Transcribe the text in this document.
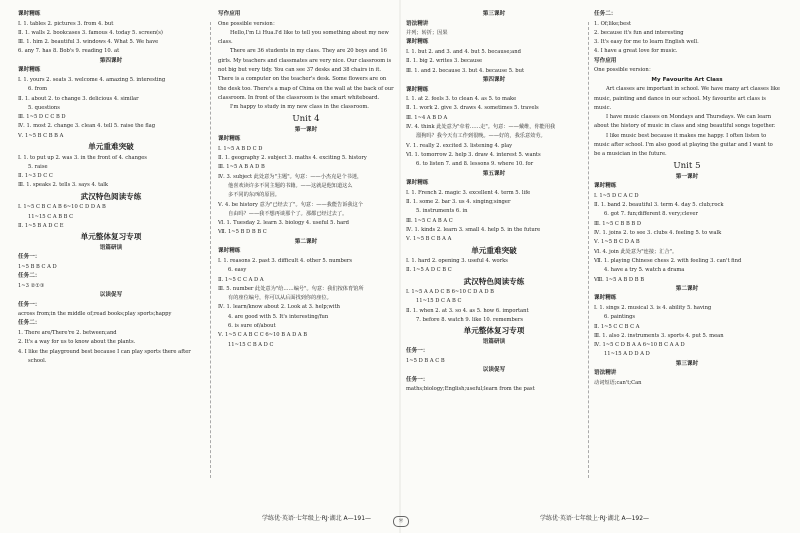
课时精练
Ⅰ. 1. tables 2. pictures 3. from 4. but
Ⅱ. 1. walls 2. bookcases 3. famous 4. today 5. screen(s)
Ⅲ. 1. him 2. beautiful 3. windows 4. What 5. We have
6. any 7. has 8. Bob's 9. reading 10. at
第四课时
课时精练
Ⅰ. 1. yours 2. seats 3. welcome 4. amazing 5. interesting
6. from
Ⅱ. 1. about 2. to change 3. delicious 4. similar
5. questions
Ⅲ. 1~5 D C C B D
Ⅳ. 1. most 2. change 3. clean 4. tell 5. raise the flag
Ⅴ. 1~5 B C B B A
单元重难突破
Ⅰ. 1. to put up 2. was 3. in the front of 4. changes
5. raise
Ⅱ. 1~3 D C C
Ⅲ. 1. speaks 2. tells 3. says 4. talk
武汉特色阅读专练
Ⅰ. 1~5 C B C A B 6~10 C D D A B
11~15 C A B B C
Ⅱ. 1~5 B A D C E
单元整体复习专项
语篇研读
任务一：
1~5 B B C A D
任务二：
1~3 ②①③
以读促写
任务一：
across from;in the middle of;read books;play sports;happy
任务二：
1. There are/There're 2. between;and
2. It's a way for us to know about the plants.
4. I like the playground best because I can play sports there after
school.
写作应用
One possible version：
Hello,I'm Li Hua.I'd like to tell you something about my new class.
There are 36 students in my class. They are 20 boys and 16 girls. My teachers and classmates are very nice. Our classroom is not big but very tidy. You can see 37 desks and 38 chairs in it. There is a computer on the teacher's desk. Some flowers are on the desk too. There's a map of China on the wall at the back of our classroom. In front of the classroom is the smart whiteboard.
I'm happy to study in my new class in the classroom.
Unit 4
第一课时
课时精练
Ⅰ. 1~5 A B D C D
Ⅱ. 1. geography 2. subject 3. maths 4. exciting 5. history
Ⅲ. 1~5 A B A D B
Ⅳ. 3. subject 此处意为"主题"。句意：——小杰克是个书迷，
他喜欢读许多不同主题的书籍。——这就是他知道这么
多不同的东西的原因。
Ⅴ. 4. be history 意为"已经去了"。句意：——我能告诉我这个
自由吗？——我不想再谈那个了。那都已经过去了。
Ⅵ. 1. Tuesday 2. learn 3. biology 4. useful 5. hard
Ⅶ. 1~5 B D B B C
第二课时
课时精练
Ⅰ. 1. reasons 2. past 3. difficult 4. other 5. numbers
6. easy
Ⅱ. 1~5 C C A D A
Ⅲ. 5. number 此处意为"给……编号"。句意：我们按体育馆所
有的座位编号，你可以从后面找到你的座位。
Ⅳ. 1. learn/know about 2. Look at 3. help;with
4. are good with 5. It's interesting/fun
6. is sure of/about
Ⅴ. 1~5 C A B C C 6~10 B A D A B
11~15 C B A D C
第三课时
语法精讲
并列；转折；因果
课时精练
Ⅰ. 1. but 2. and 3. and 4. but 5. because;and
Ⅱ. 1. big 2. writes 3. because
Ⅲ. 1. and 2. because 3. but 4. because 5. but
第四课时
课时精练
Ⅰ. 1. at 2. feels 3. to clean 4. as 5. to make
Ⅱ. 1. work 2. give 3. draws 4. sometimes 5. travels
Ⅲ. 1~4 A B D A
Ⅳ. 4. think 此处意为"牵着……走"。句意：——戴维，你能用我
溜狗吗？我今天有工作到很晚。——好的，我乐意效劳。
Ⅴ. 1. really 2. excited 3. listening 4. play
Ⅵ. 1. tomorrow 2. help 3. draw 4. interest 5. wants
6. to listen 7. and 8. lessons 9. where 10. for
第五课时
课时精练
Ⅰ. 1. French 2. magic 3. excellent 4. term 5. life
Ⅱ. 1. some 2. bar 3. us 4. singing;singer
5. instruments 6. in
Ⅲ. 1~5 C A B A C
Ⅳ. 1. kinds 2. learn 3. small 4. help 5. in the future
Ⅴ. 1~5 B C B A A
单元重难突破
Ⅰ. 1. hard 2. opening 3. useful 4. works
Ⅱ. 1~5 A D C B C
武汉特色阅读专练
Ⅰ. 1~5 A A D C B 6~10 C D A D B
11~15 D C A B C
Ⅱ. 1. when 2. at 3. so 4. as 5. how 6. important
7. before 8. watch 9. like 10. remembers
单元整体复习专项
语篇研读
任务一：
1~5 D B A C B
以读促写
任务一：
maths;biology;English;useful;learn from the past
任务二：
1. Of;like;best
2. because it's fun and interesting
3. It's easy for me to learn English well.
4. I have a great love for music.
写作应用
One possible version：
My Favourite Art Class
Art classes are important in school. We have many art classes like music, painting and dance in our school. My favourite art class is music.
I have music classes on Mondays and Thursdays. We can learn about the history of music in class and sing beautiful songs together.
I like music best because it makes me happy. I often listen to music after school. I'm also good at playing the guitar and I want to be a musician in the future.
Unit 5
第一课时
课时精练
Ⅰ. 1~5 D C A C D
Ⅱ. 1. band 2. beautiful 3. term 4. day 5. club;rock
6. got 7. fun;different 8. very;clever
Ⅲ. 1~5 C B B B D
Ⅳ. 1. joins 2. to see 3. clubs 4. feeling 5. to walk
Ⅴ. 1~5 B C D A B
Ⅵ. 4. join 此处意为"连接；汇合"。
Ⅶ. 1. playing Chinese chess 2. with feeling 3. can't find
4. have a try 5. watch a drama
Ⅷ. 1~5 A B D B B
第二课时
课时精练
Ⅰ. 1. sings 2. musical 3. is 4. ability 5. having
6. paintings
Ⅱ. 1~5 C C B C A
Ⅲ. 1. also 2. instruments 3. sports 4. put 5. mean
Ⅳ. 1~5 C D B A A 6~10 B C A A D
11~15 A D D A D
第三课时
语法精讲
动词短语;can't;Can
学练优·英语·七年级上·RJ·湖北 A—191—	Ⓦ	学练优·英语·七年级上·RJ·湖北 A—192—
